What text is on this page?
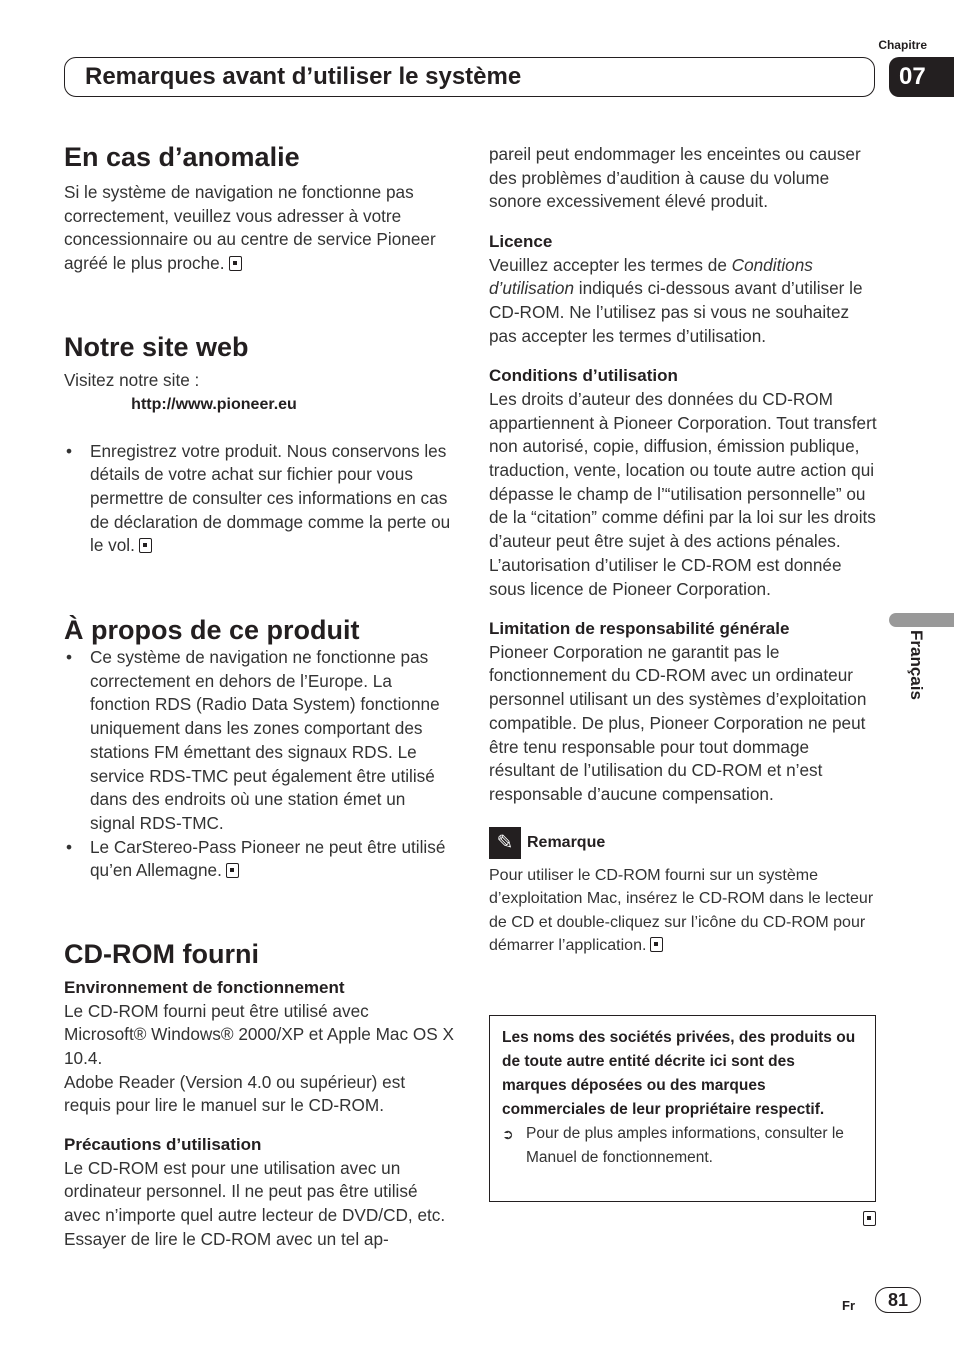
Chapitre
Remarques avant d’utiliser le système	07
Français
En cas d’anomalie

Si le système de navigation ne fonctionne pas correctement, veuillez vous adresser à votre concessionnaire ou au centre de service Pioneer agréé le plus proche.

Notre site web

Visitez notre site :

http://www.pioneer.eu

• Enregistrez votre produit. Nous conservons les détails de votre achat sur fichier pour vous permettre de consulter ces informations en cas de déclaration de dommage comme la perte ou le vol.
À propos de ce produit
• Ce système de navigation ne fonctionne pas correctement en dehors de l’Europe. La fonction RDS (Radio Data System) fonctionne uniquement dans les zones comportant des stations FM émettant des signaux RDS. Le service RDS-TMC peut également être utilisé dans des endroits où une station émet un signal RDS-TMC.
• Le CarStereo-Pass Pioneer ne peut être utilisé qu’en Allemagne.
CD-ROM fourni

Environnement de fonctionnement

Le CD-ROM fourni peut être utilisé avec Microsoft® Windows® 2000/XP et Apple Mac OS X 10.4.

Adobe Reader (Version 4.0 ou supérieur) est requis pour lire le manuel sur le CD-ROM.

Précautions d’utilisation

Le CD-ROM est pour une utilisation avec un ordinateur personnel. Il ne peut pas être utilisé avec n’importe quel autre lecteur de DVD/CD, etc. Essayer de lire le CD-ROM avec un tel ap-

pareil peut endommager les enceintes ou causer des problèmes d’audition à cause du volume sonore excessivement élevé produit.

Licence

Veuillez accepter les termes de Conditions d’utilisation indiqués ci-dessous avant d’utiliser le CD-ROM. Ne l’utilisez pas si vous ne souhaitez pas accepter les termes d’utilisation.

Conditions d’utilisation

Les droits d’auteur des données du CD-ROM appartiennent à Pioneer Corporation. Tout transfert non autorisé, copie, diffusion, émission publique, traduction, vente, location ou toute autre action qui dépasse le champ de l’“utilisation personnelle” ou de la “citation” comme défini par la loi sur les droits d’auteur peut être sujet à des actions pénales. L’autorisation d’utiliser le CD-ROM est donnée sous licence de Pioneer Corporation.

Limitation de responsabilité générale

Pioneer Corporation ne garantit pas le fonctionnement du CD-ROM avec un ordinateur personnel utilisant un des systèmes d’exploitation compatible. De plus, Pioneer Corporation ne peut être tenu responsable pour tout dommage résultant de l’utilisation du CD-ROM et n’est responsable d’aucune compensation.

✎ Remarque

Pour utiliser le CD-ROM fourni sur un système d’exploitation Mac, insérez le CD-ROM dans le lecteur de CD et double-cliquez sur l’icône du CD-ROM pour démarrer l’application.

Les noms des sociétés privées, des produits ou de toute autre entité décrite ici sont des marques déposées ou des marques commerciales de leur propriétaire respectif.

➲ Pour de plus amples informations, consulter le Manuel de fonctionnement.

Fr	81
